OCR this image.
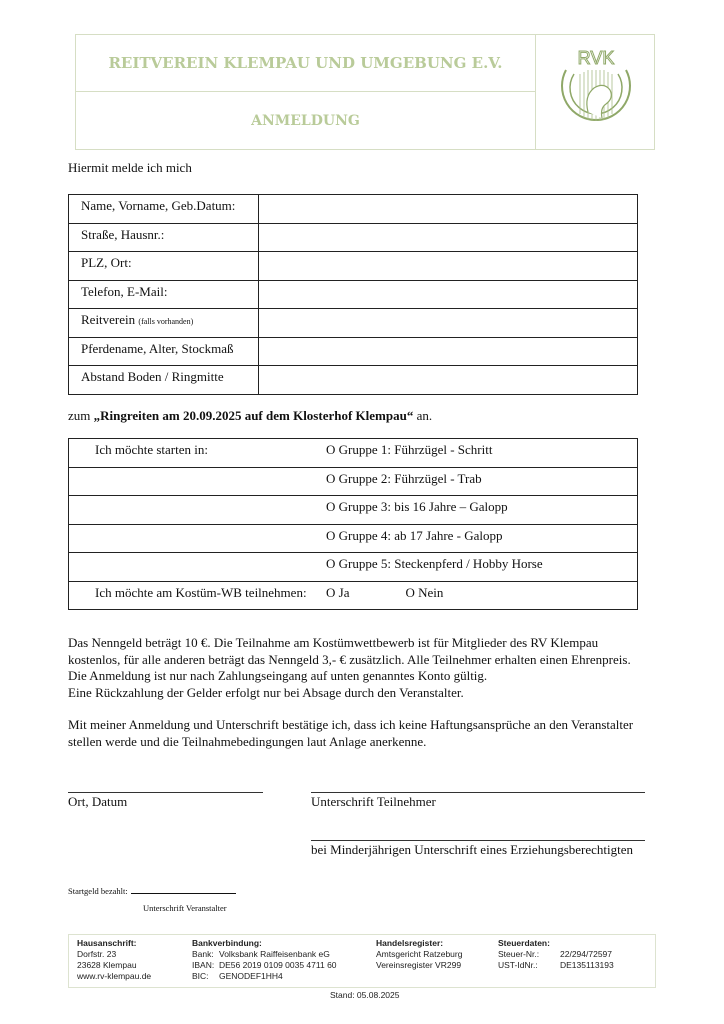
REITVEREIN KLEMPAU UND UMGEBUNG E.V.
ANMELDUNG
RVK
Hiermit melde ich mich
Name, Vorname, Geb.Datum:	
Straße, Hausnr.:	
PLZ, Ort:	
Telefon, E-Mail:	
Reitverein (falls vorhanden)	
Pferdename, Alter, Stockmaß	
Abstand Boden / Ringmitte	
zum „Ringreiten am 20.09.2025 auf dem Klosterhof Klempau“ an.
Ich möchte starten in:	O Gruppe 1: Führzügel - Schritt
O Gruppe 2: Führzügel - Trab
O Gruppe 3: bis 16 Jahre – Galopp
O Gruppe 4: ab 17 Jahre - Galopp
O Gruppe 5: Steckenpferd / Hobby Horse
Ich möchte am Kostüm-WB teilnehmen: O Ja	O Nein
Das Nenngeld beträgt 10 €. Die Teilnahme am Kostümwettbewerb ist für Mitglieder des RV Klempau
kostenlos, für alle anderen beträgt das Nenngeld 3,- € zusätzlich. Alle Teilnehmer erhalten einen Ehrenpreis.
Die Anmeldung ist nur nach Zahlungseingang auf unten genanntes Konto gültig.
Eine Rückzahlung der Gelder erfolgt nur bei Absage durch den Veranstalter.
Mit meiner Anmeldung und Unterschrift bestätige ich, dass ich keine Haftungsansprüche an den Veranstalter
stellen werde und die Teilnahmebedingungen laut Anlage anerkenne.
Ort, Datum	Unterschrift Teilnehmer
bei Minderjährigen Unterschrift eines Erziehungsberechtigten
Startgeld bezahlt:
Unterschrift Veranstalter
Hausanschrift:
Dorfstr. 23
23628 Klempau
www.rv-klempau.de
Bankverbindung:
Bank: Volksbank Raiffeisenbank eG
IBAN: DE56 2019 0109 0035 4711 60
BIC: GENODEF1HH4
Handelsregister:
Amtsgericht Ratzeburg
Vereinsregister VR299
Steuerdaten:
Steuer-Nr.: 22/294/72597
UST-IdNr.:	DE135113193
Stand: 05.08.2025
